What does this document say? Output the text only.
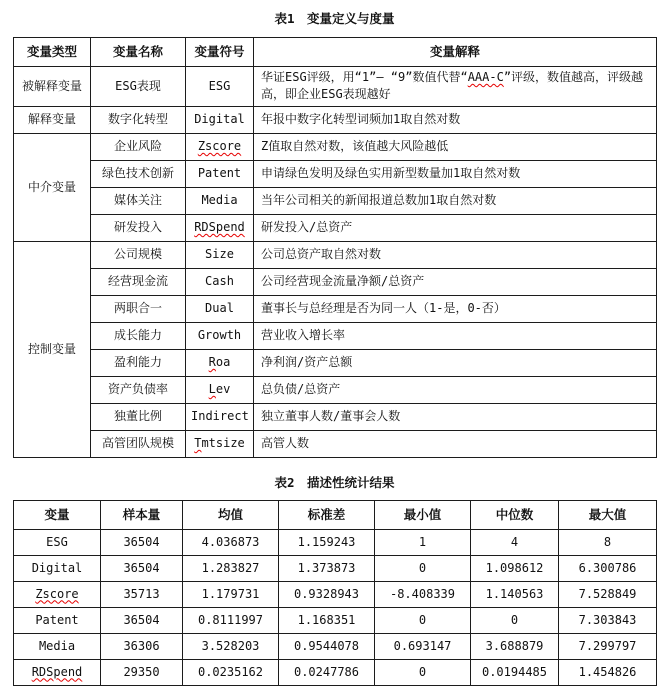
表1　变量定义与度量
变量类型	变量名称	变量符号	变量解释
被解释变量	ESG表现	ESG	华证ESG评级，用“1”— “9”数值代替“AAA-C”评级，数值越高，评级越高，即企业ESG表现越好
解释变量	数字化转型	Digital	年报中数字化转型词频加1取自然对数
中介变量	企业风险	Zscore	Z值取自然对数，该值越大风险越低
	绿色技术创新	Patent	申请绿色发明及绿色实用新型数量加1取自然对数
	媒体关注	Media	当年公司相关的新闻报道总数加1取自然对数
	研发投入	RDSpend	研发投入/总资产
控制变量	公司规模	Size	公司总资产取自然对数
	经营现金流	Cash	公司经营现金流量净额/总资产
	两职合一	Dual	董事长与总经理是否为同一人（1-是，0-否）
	成长能力	Growth	营业收入增长率
	盈利能力	Roa	净利润/资产总额
	资产负债率	Lev	总负债/总资产
	独董比例	Indirect	独立董事人数/董事会人数
	高管团队规模	Tmtsize	高管人数
表2　描述性统计结果
变量	样本量	均值	标准差	最小值	中位数	最大值
ESG	36504	4.036873	1.159243	1	4	8
Digital	36504	1.283827	1.373873	0	1.098612	6.300786
Zscore	35713	1.179731	0.9328943	-8.408339	1.140563	7.528849
Patent	36504	0.8111997	1.168351	0	0	7.303843
Media	36306	3.528203	0.9544078	0.693147	3.688879	7.299797
RDSpend	29350	0.0235162	0.0247786	0	0.0194485	1.454826
